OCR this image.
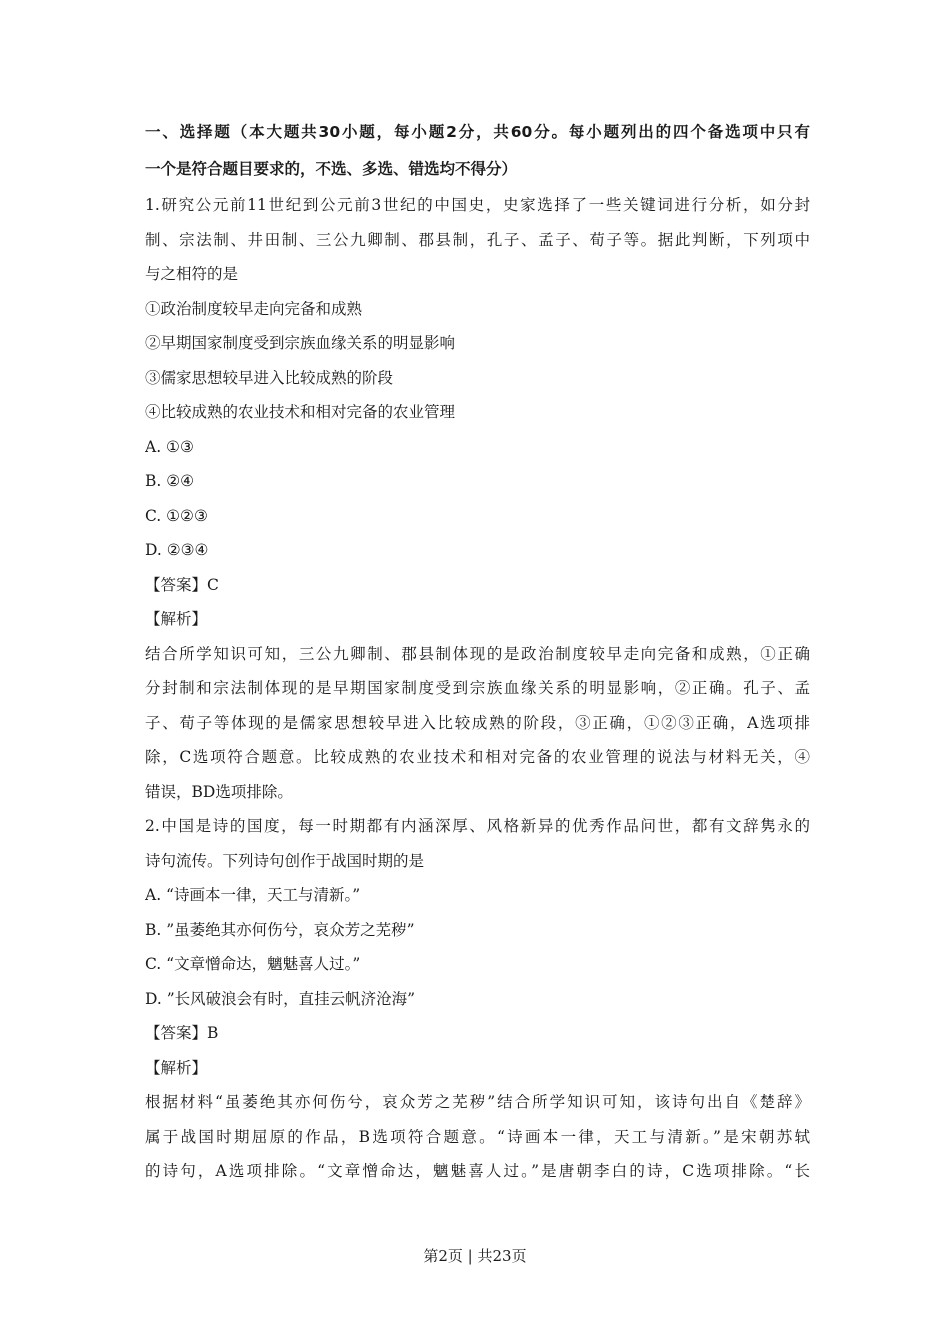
一、选择题（本大题共30小题，每小题2分，共60分。每小题列出的四个备选项中只有
一个是符合题目要求的，不选、多选、错选均不得分）
1.研究公元前11世纪到公元前3世纪的中国史，史家选择了一些关键词进行分析，如分封
制、宗法制、井田制、三公九卿制、郡县制，孔子、孟子、荀子等。据此判断，下列项中
与之相符的是
①政治制度较早走向完备和成熟
②早期国家制度受到宗族血缘关系的明显影响
③儒家思想较早进入比较成熟的阶段
④比较成熟的农业技术和相对完备的农业管理
A. ①③
B. ②④
C. ①②③
D. ②③④
【答案】C
【解析】
结合所学知识可知，三公九卿制、郡县制体现的是政治制度较早走向完备和成熟，①正确
分封制和宗法制体现的是早期国家制度受到宗族血缘关系的明显影响，②正确。孔子、孟
子、荀子等体现的是儒家思想较早进入比较成熟的阶段，③正确，①②③正确，A选项排
除，C选项符合题意。比较成熟的农业技术和相对完备的农业管理的说法与材料无关，④
错误，BD选项排除。
2.中国是诗的国度，每一时期都有内涵深厚、风格新异的优秀作品问世，都有文辞隽永的
诗句流传。下列诗句创作于战国时期的是
A. “诗画本一律，天工与清新。”
B. ”虽萎绝其亦何伤兮，哀众芳之芜秽”
C. “文章憎命达，魑魅喜人过。”
D. ”长风破浪会有时，直挂云帆济沧海”
【答案】B
【解析】
根据材料“虽萎绝其亦何伤兮，哀众芳之芜秽”结合所学知识可知，该诗句出自《楚辞》
属于战国时期屈原的作品，B选项符合题意。“诗画本一律，天工与清新。”是宋朝苏轼
的诗句，A选项排除。“文章憎命达，魑魅喜人过。”是唐朝李白的诗，C选项排除。“长
第2页 | 共23页
